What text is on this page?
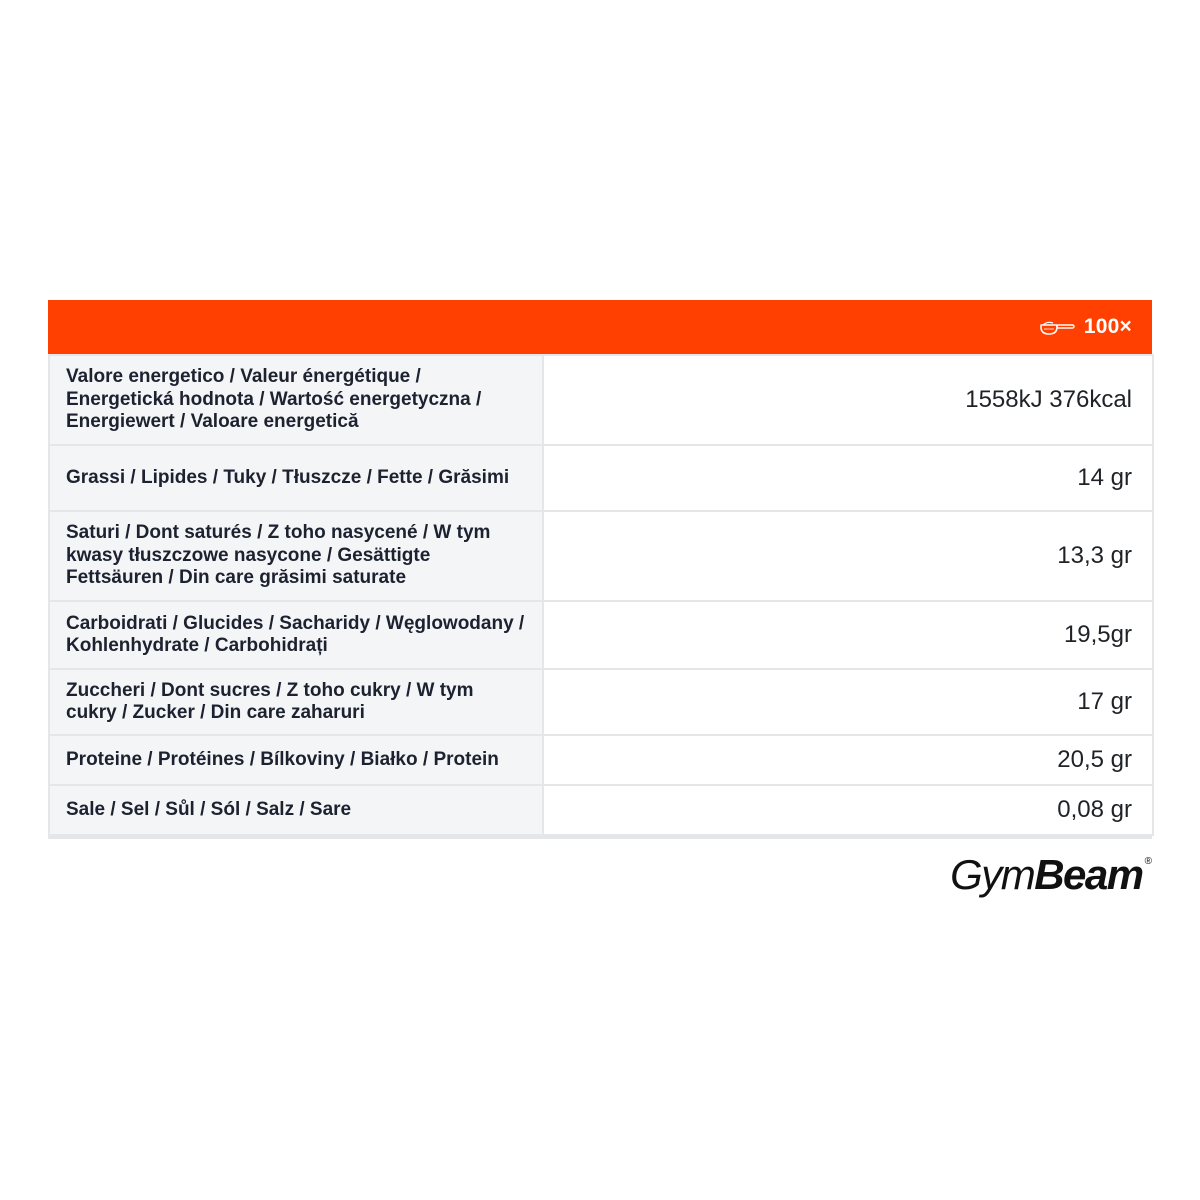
100×
Valore energetico / Valeur énergétique / Energetická hodnota / Wartość energetyczna / Energiewert / Valoare energetică	1558kJ 376kcal
Grassi / Lipides / Tuky / Tłuszcze / Fette / Grăsimi	14 gr
Saturi / Dont saturés / Z toho nasycené / W tym kwasy tłuszczowe nasycone / Gesättigte Fettsäuren / Din care grăsimi saturate	13,3 gr
Carboidrati / Glucides / Sacharidy / Węglowodany / Kohlenhydrate / Carbohidrați	19,5gr
Zuccheri / Dont sucres / Z toho cukry / W tym cukry / Zucker / Din care zaharuri	17 gr
Proteine / Protéines / Bílkoviny / Białko / Protein	20,5 gr
Sale / Sel / Sůl / Sól / Salz / Sare	0,08 gr
Gym Beam ®
